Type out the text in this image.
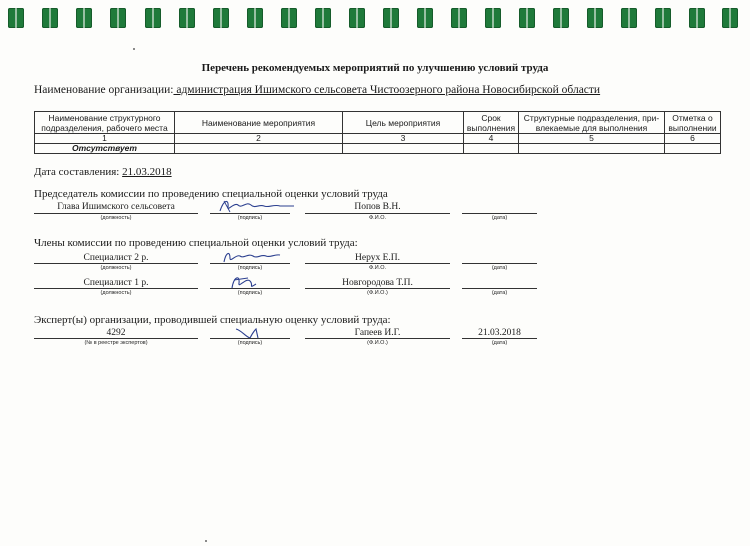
Перечень рекомендуемых мероприятий по улучшению условий труда
Наименование организации: администрация Ишимского сельсовета Чистоозерного района Новосибирской области
Наименование структурного подразделения, рабочего места	Наименование мероприятия	Цель мероприятия	Срок выполнения	Структурные подразделения, при- влекаемые для выполнения	Отметка о выполнении
1	2	3	4	5	6
Отсутствует					
Дата составления: 21.03.2018
Председатель комиссии по проведению специальной оценки условий труда
Глава Ишимского сельсовета
(должность)	(подпись)
Попов В.Н.
Ф.И.О.	(дата)
Члены комиссии по проведению специальной оценки условий труда:
Специалист 2 р.
(должность)	(подпись)
Нерух Е.П.
Ф.И.О.	(дата)
Специалист 1 р.
(должность)	(подпись)
Новгородова Т.П.
(Ф.И.О.)	(дата)
Эксперт(ы) организации, проводившей специальную оценку условий труда:
4292
(№ в реестре экспертов)	(подпись)
Гапеев И.Г.
(Ф.И.О.)
21.03.2018
(дата)
